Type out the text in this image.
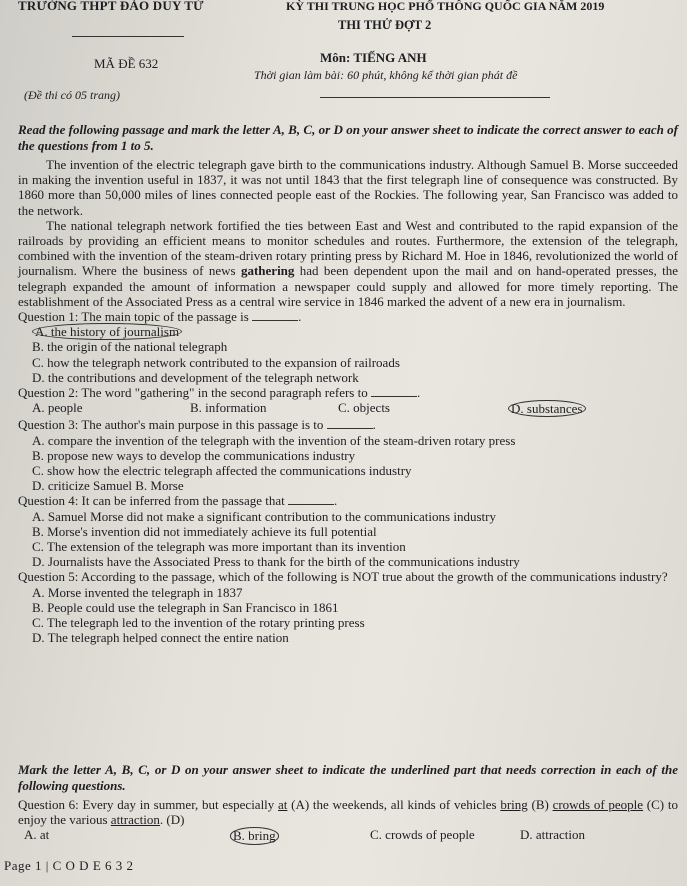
TRƯỜNG THPT ĐÀO DUY TỪ	KỲ THI TRUNG HỌC PHỔ THÔNG QUỐC GIA NĂM 2019
THI THỬ ĐỢT 2
MÃ ĐỀ 632	Môn: TIẾNG ANH
Thời gian làm bài: 60 phút, không kể thời gian phát đề
(Đề thi có 05 trang)

Read the following passage and mark the letter A, B, C, or D on your answer sheet to indicate the correct answer to each of the questions from 1 to 5.

The invention of the electric telegraph gave birth to the communications industry. Although Samuel B. Morse succeeded in making the invention useful in 1837, it was not until 1843 that the first telegraph line of consequence was constructed. By 1860 more than 50,000 miles of lines connected people east of the Rockies. The following year, San Francisco was added to the network.

The national telegraph network fortified the ties between East and West and contributed to the rapid expansion of the railroads by providing an efficient means to monitor schedules and routes. Furthermore, the extension of the telegraph, combined with the invention of the steam-driven rotary printing press by Richard M. Hoe in 1846, revolutionized the world of journalism. Where the business of news gathering had been dependent upon the mail and on hand-operated presses, the telegraph expanded the amount of information a newspaper could supply and allowed for more timely reporting. The establishment of the Associated Press as a central wire service in 1846 marked the advent of a new era in journalism.

Question 1: The main topic of the passage is	.

A. the history of journalism

B. the origin of the national telegraph

C. how the telegraph network contributed to the expansion of railroads

D. the contributions and development of the telegraph network

Question 2: The word "gathering" in the second paragraph refers to	.

A. people	B. information	C. objects	D. substances

Question 3: The author's main purpose in this passage is to	.

A. compare the invention of the telegraph with the invention of the steam-driven rotary press

B. propose new ways to develop the communications industry

C. show how the electric telegraph affected the communications industry

D. criticize Samuel B. Morse

Question 4: It can be inferred from the passage that	.

A. Samuel Morse did not make a significant contribution to the communications industry

B. Morse's invention did not immediately achieve its full potential

C. The extension of the telegraph was more important than its invention

D. Journalists have the Associated Press to thank for the birth of the communications industry

Question 5: According to the passage, which of the following is NOT true about the growth of the communications industry?

A. Morse invented the telegraph in 1837

B. People could use the telegraph in San Francisco in 1861

C. The telegraph led to the invention of the rotary printing press

D. The telegraph helped connect the entire nation

Mark the letter A, B, C, or D on your answer sheet to indicate the underlined part that needs correction in each of the following questions.

Question 6: Every day in summer, but especially at (A) the weekends, all kinds of vehicles bring (B) crowds of people (C) to enjoy the various attraction. (D)

A. at	B. bring	C. crowds of people	D. attraction
Page 1 | C O D E 6 3 2
